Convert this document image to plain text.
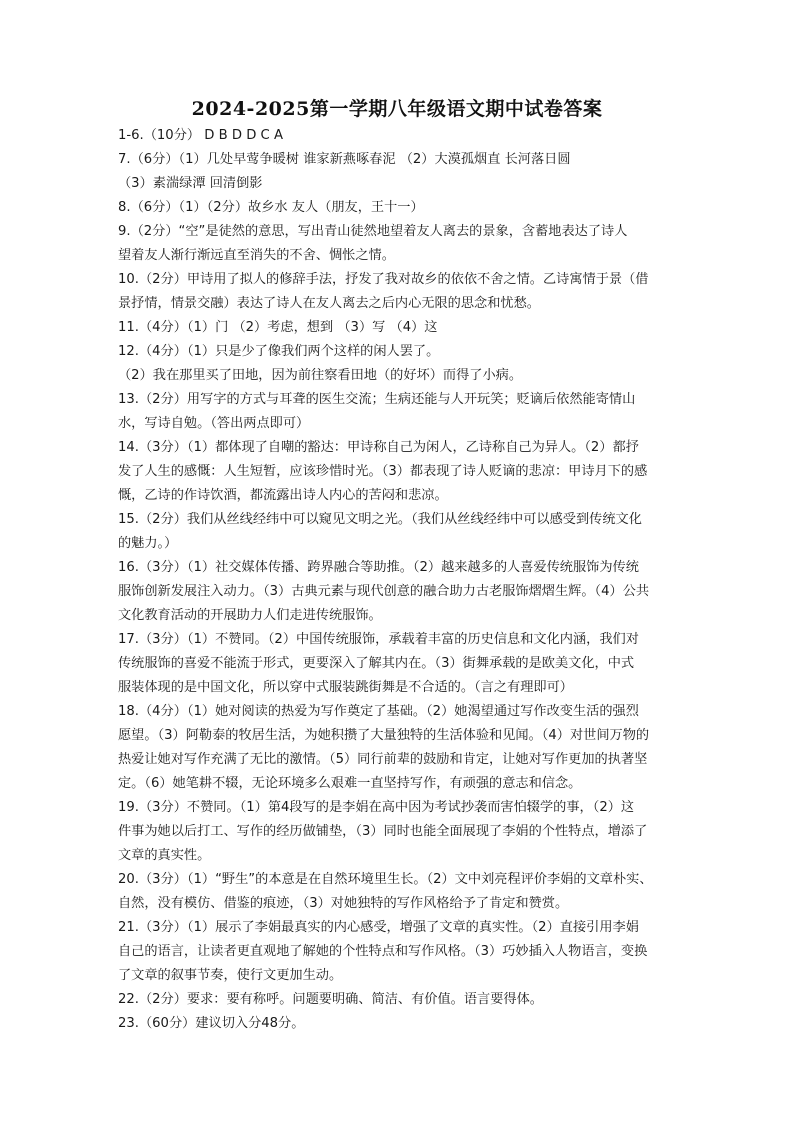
2024-2025第一学期八年级语文期中试卷答案
1-6.（10分） D B D D C A
7.（6分）（1）几处早莺争暖树 谁家新燕啄春泥 （2）大漠孤烟直 长河落日圆
（3）素湍绿潭 回清倒影
8.（6分）（1）（2分）故乡水 友人（朋友，王十一）
9.（2分）“空”是徒然的意思，写出青山徒然地望着友人离去的景象，含蓄地表达了诗人
望着友人渐行渐远直至消失的不舍、惆怅之情。
10.（2分）甲诗用了拟人的修辞手法，抒发了我对故乡的依依不舍之情。乙诗寓情于景（借
景抒情，情景交融）表达了诗人在友人离去之后内心无限的思念和忧愁。
11.（4分）（1）门 （2）考虑，想到 （3）写 （4）这
12.（4分）（1）只是少了像我们两个这样的闲人罢了。
（2）我在那里买了田地，因为前往察看田地（的好坏）而得了小病。
13.（2分）用写字的方式与耳聋的医生交流；生病还能与人开玩笑；贬谪后依然能寄情山
水，写诗自勉。（答出两点即可）
14.（3分）（1）都体现了自嘲的豁达：甲诗称自己为闲人，乙诗称自己为异人。（2）都抒
发了人生的感慨：人生短暂，应该珍惜时光。（3）都表现了诗人贬谪的悲凉：甲诗月下的感
慨，乙诗的作诗饮酒，都流露出诗人内心的苦闷和悲凉。
15.（2分）我们从丝线经纬中可以窥见文明之光。（我们从丝线经纬中可以感受到传统文化
的魅力。）
16.（3分）（1）社交媒体传播、跨界融合等助推。（2）越来越多的人喜爱传统服饰为传统
服饰创新发展注入动力。（3）古典元素与现代创意的融合助力古老服饰熠熠生辉。（4）公共
文化教育活动的开展助力人们走进传统服饰。
17.（3分）（1）不赞同。（2）中国传统服饰，承载着丰富的历史信息和文化内涵，我们对
传统服饰的喜爱不能流于形式，更要深入了解其内在。（3）街舞承载的是欧美文化，中式
服装体现的是中国文化，所以穿中式服装跳街舞是不合适的。（言之有理即可）
18.（4分）（1）她对阅读的热爱为写作奠定了基础。（2）她渴望通过写作改变生活的强烈
愿望。（3）阿勒泰的牧居生活，为她积攒了大量独特的生活体验和见闻。（4）对世间万物的
热爱让她对写作充满了无比的激情。（5）同行前辈的鼓励和肯定，让她对写作更加的执著坚
定。（6）她笔耕不辍，无论环境多么艰难一直坚持写作，有顽强的意志和信念。
19.（3分）不赞同。（1）第4段写的是李娟在高中因为考试抄袭而害怕辍学的事，（2）这
件事为她以后打工、写作的经历做铺垫，（3）同时也能全面展现了李娟的个性特点，增添了
文章的真实性。
20.（3分）（1）“野生”的本意是在自然环境里生长。（2）文中刘亮程评价李娟的文章朴实、
自然，没有模仿、借鉴的痕迹，（3）对她独特的写作风格给予了肯定和赞赏。
21.（3分）（1）展示了李娟最真实的内心感受，增强了文章的真实性。（2）直接引用李娟
自己的语言，让读者更直观地了解她的个性特点和写作风格。（3）巧妙插入人物语言，变换
了文章的叙事节奏，使行文更加生动。
22.（2分）要求：要有称呼。问题要明确、简洁、有价值。语言要得体。
23.（60分）建议切入分48分。
